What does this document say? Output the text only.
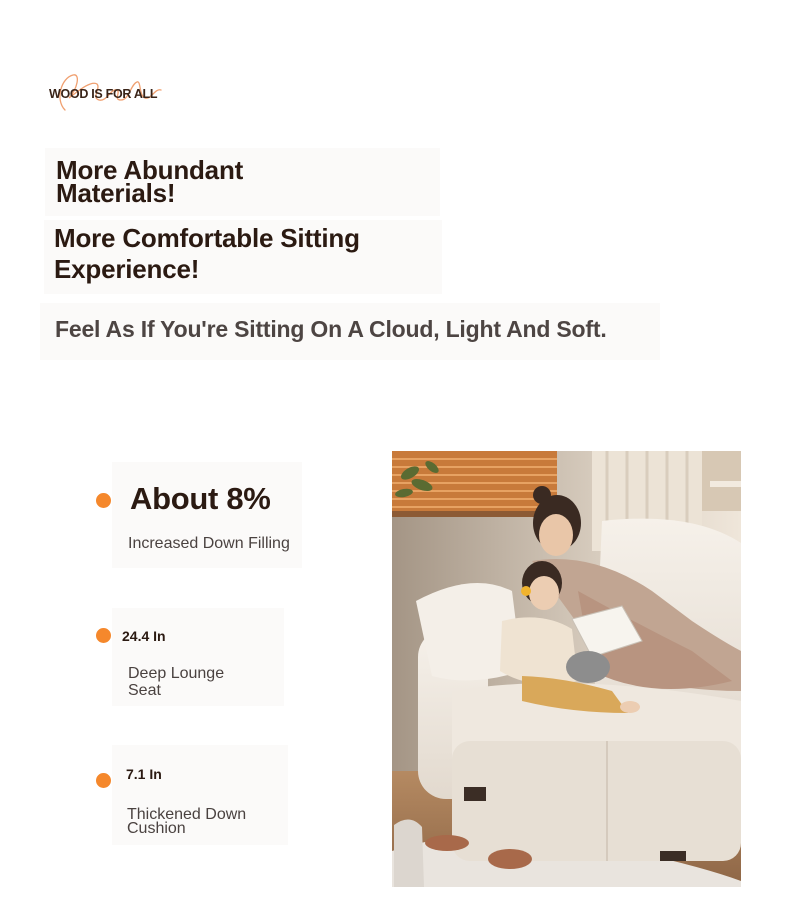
WOOD IS FOR ALL
More Abundant
Materials!
More Comfortable Sitting
Experience!
Feel As If You're Sitting On A Cloud, Light And Soft.
About 8%
Increased Down Filling
24.4 In
Deep Lounge
Seat
7.1 In
Thickened Down
Cushion
